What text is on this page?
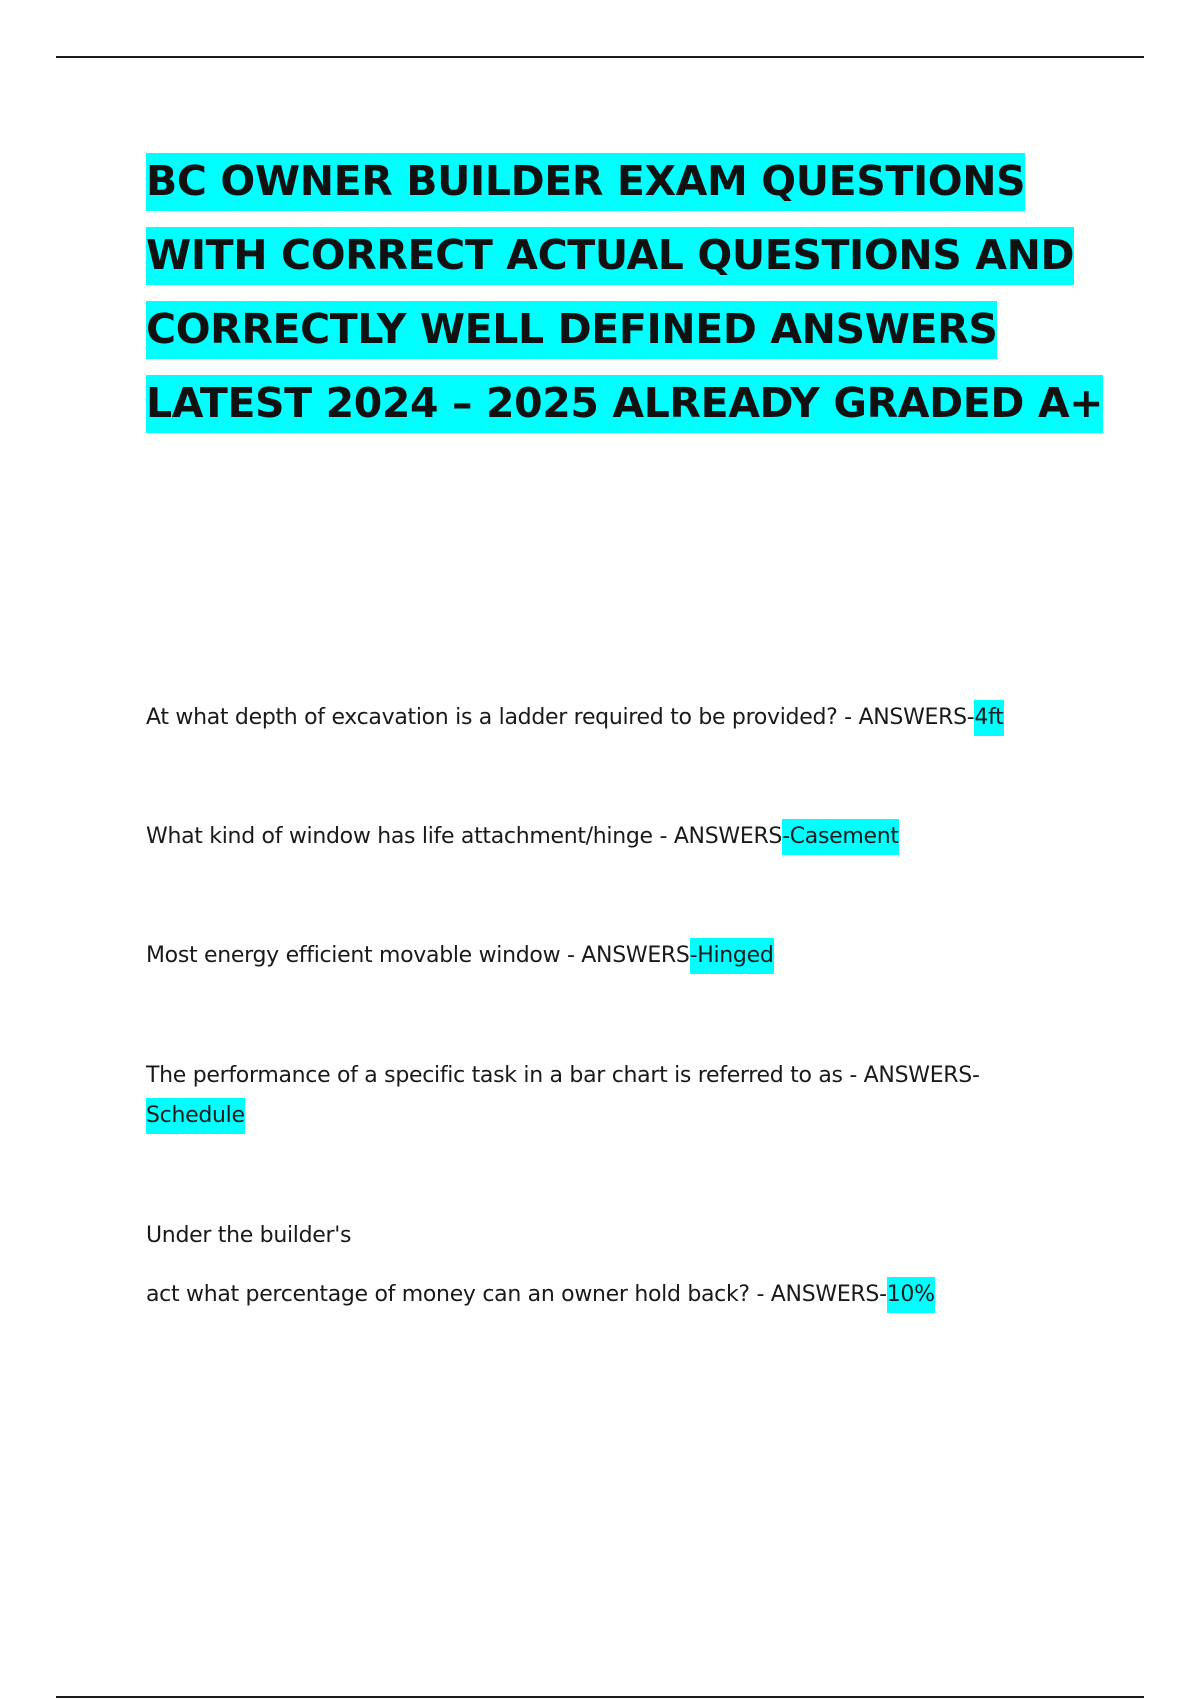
BC OWNER BUILDER EXAM QUESTIONS
WITH CORRECT ACTUAL QUESTIONS AND
CORRECTLY WELL DEFINED ANSWERS
LATEST 2024 – 2025 ALREADY GRADED A+

At what depth of excavation is a ladder required to be provided? - ANSWERS-4ft

What kind of window has life attachment/hinge - ANSWERS-Casement

Most energy efficient movable window - ANSWERS-Hinged

The performance of a specific task in a bar chart is referred to as - ANSWERS-
Schedule

Under the builder's

act what percentage of money can an owner hold back? - ANSWERS-10%
